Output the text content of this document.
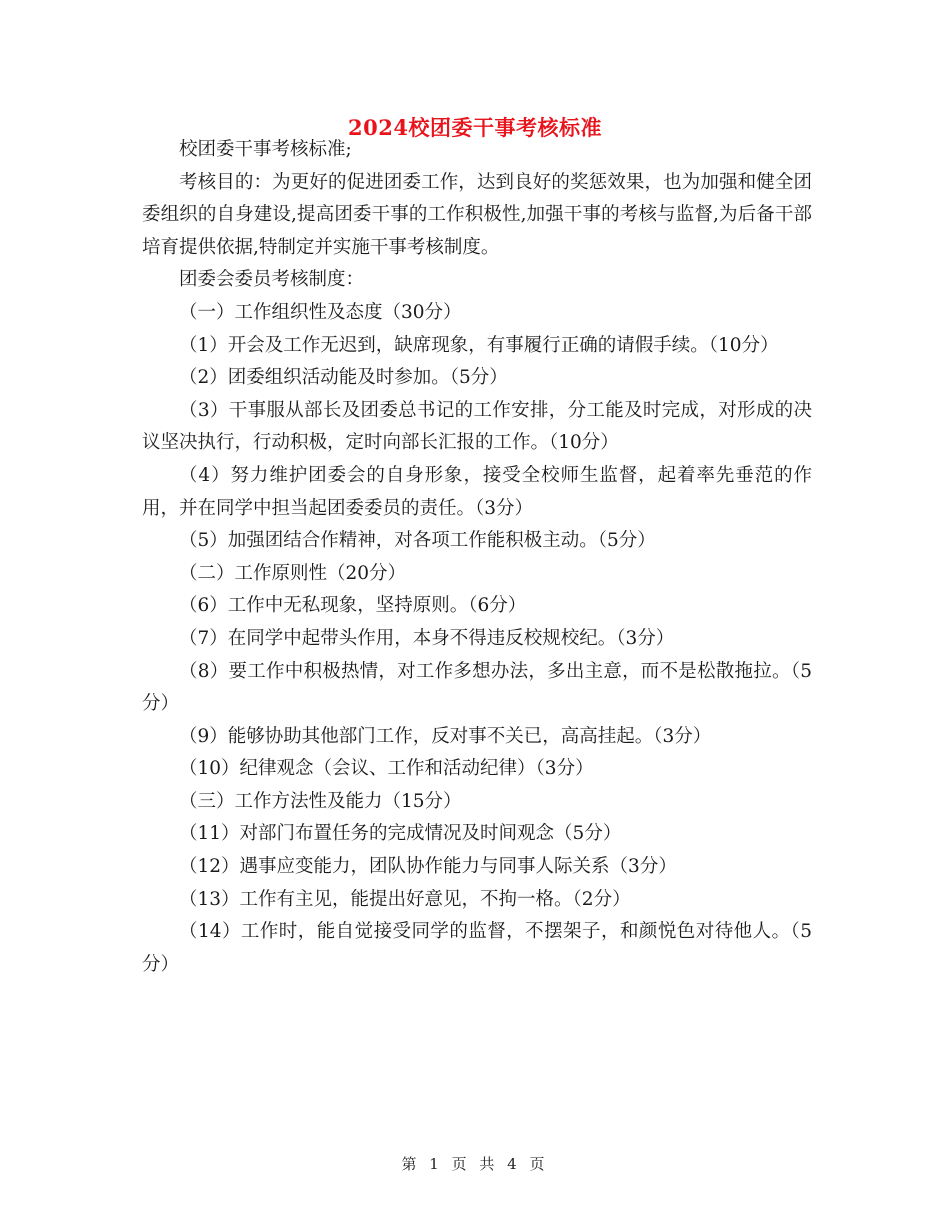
2024校团委干事考核标准

校团委干事考核标准;

考核目的：为更好的促进团委工作，达到良好的奖惩效果，也为加强和健全团委组织的自身建设,提高团委干事的工作积极性,加强干事的考核与监督,为后备干部培育提供依据,特制定并实施干事考核制度。

团委会委员考核制度：

（一）工作组织性及态度（30分）

（1）开会及工作无迟到，缺席现象，有事履行正确的请假手续。（10分）

（2）团委组织活动能及时参加。（5分）

（3）干事服从部长及团委总书记的工作安排，分工能及时完成，对形成的决议坚决执行，行动积极，定时向部长汇报的工作。（10分）

（4）努力维护团委会的自身形象，接受全校师生监督，起着率先垂范的作用，并在同学中担当起团委委员的责任。（3分）

（5）加强团结合作精神，对各项工作能积极主动。（5分）

（二）工作原则性（20分）

（6）工作中无私现象，坚持原则。（6分）

（7）在同学中起带头作用，本身不得违反校规校纪。（3分）

（8）要工作中积极热情，对工作多想办法，多出主意，而不是松散拖拉。（5分）

（9）能够协助其他部门工作，反对事不关已，高高挂起。（3分）

（10）纪律观念（会议、工作和活动纪律）（3分）

（三）工作方法性及能力（15分）

（11）对部门布置任务的完成情况及时间观念（5分）

（12）遇事应变能力，团队协作能力与同事人际关系（3分）

（13）工作有主见，能提出好意见，不拘一格。（2分）

（14）工作时，能自觉接受同学的监督，不摆架子，和颜悦色对待他人。（5分）

第 1 页 共 4 页
